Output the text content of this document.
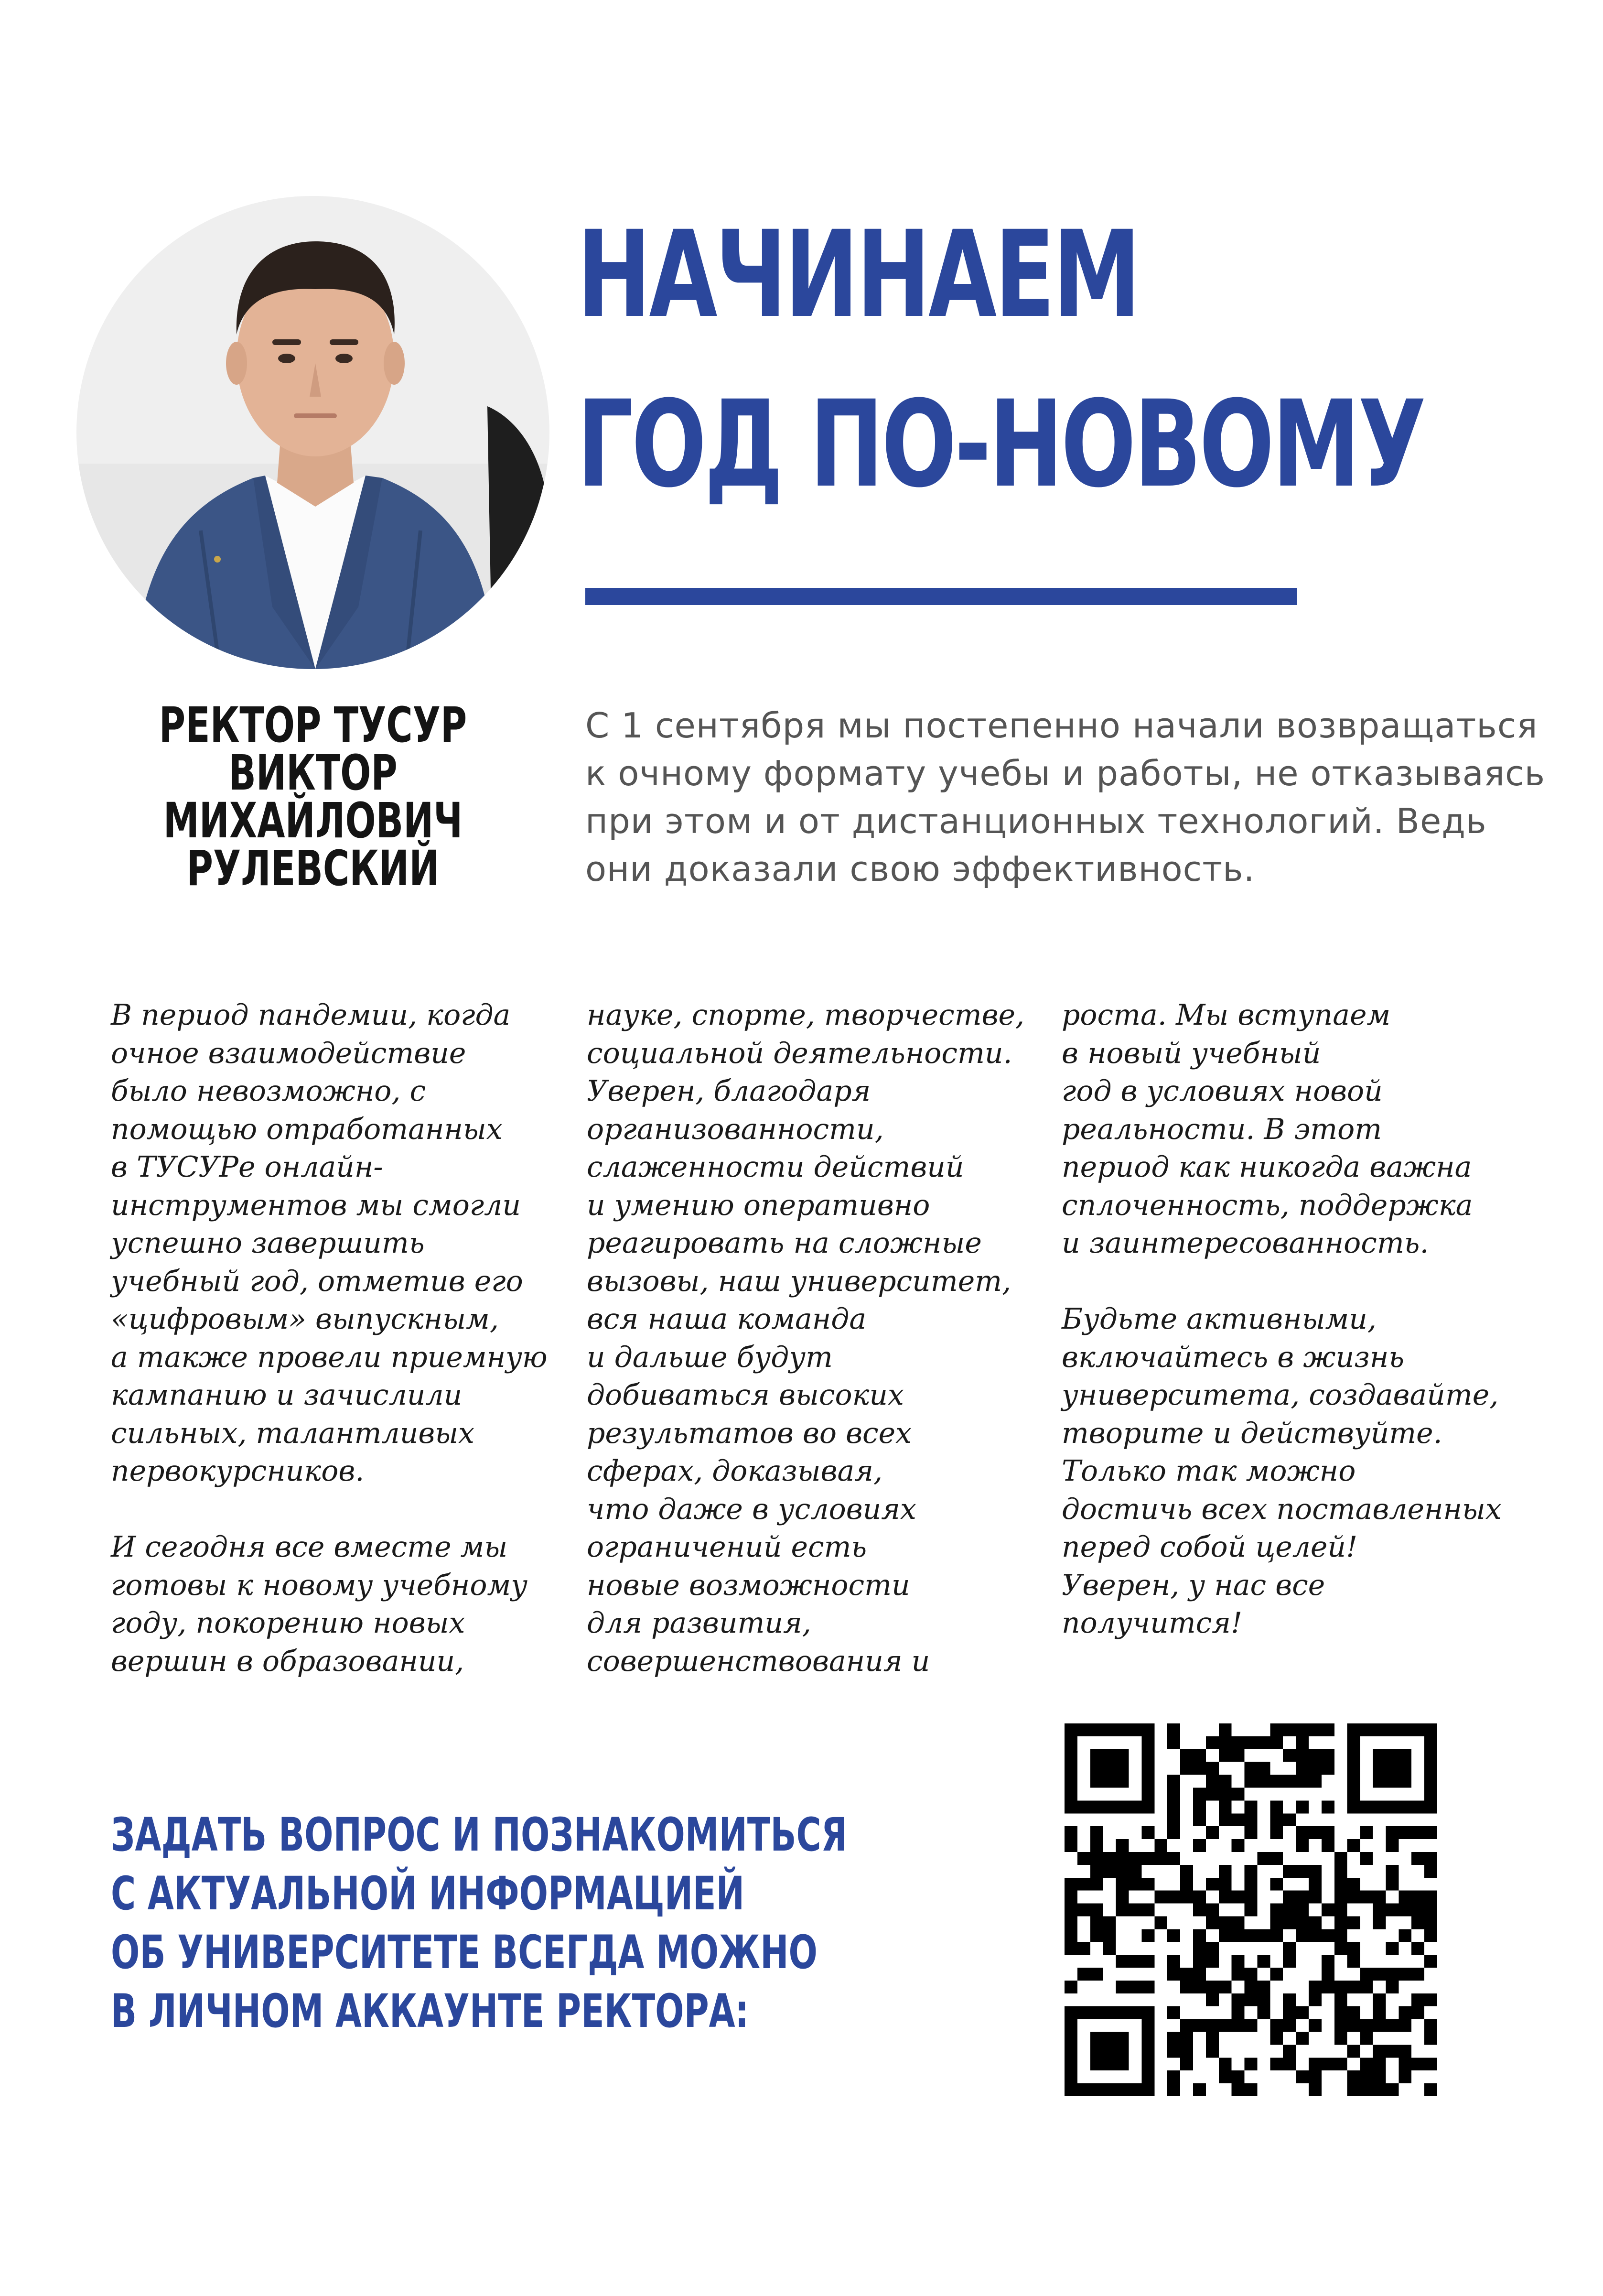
НАЧИНАЕМ
ГОД ПО-НОВОМУ
РЕКТОР ТУСУР
ВИКТОР МИХАЙЛОВИЧ
РУЛЕВСКИЙ
С 1 сентября мы постепенно начали возвращаться
к очному формату учебы и работы, не отказываясь
при этом и от дистанционных технологий. Ведь
они доказали свою эффективность.
В период пандемии, когда
очное взаимодействие
было невозможно, с
помощью отработанных
в ТУСУРе онлайн-
инструментов мы смогли
успешно завершить
учебный год, отметив его
«цифровым» выпускным,
а также провели приемную
кампанию и зачислили
сильных, талантливых
первокурсников.
И сегодня все вместе мы
готовы к новому учебному
году, покорению новых
вершин в образовании,
науке, спорте, творчестве,
социальной деятельности.
Уверен, благодаря
организованности,
слаженности действий
и умению оперативно
реагировать на сложные
вызовы, наш университет,
вся наша команда
и дальше будут
добиваться высоких
результатов во всех
сферах, доказывая,
что даже в условиях
ограничений есть
новые возможности
для развития,
совершенствования и
роста. Мы вступаем
в новый учебный
год в условиях новой
реальности. В этот
период как никогда важна
сплоченность, поддержка
и заинтересованность.
Будьте активными,
включайтесь в жизнь
университета, создавайте,
творите и действуйте.
Только так можно
достичь всех поставленных
перед собой целей!
Уверен, у нас все
получится!
ЗАДАТЬ ВОПРОС И ПОЗНАКОМИТЬСЯ
С АКТУАЛЬНОЙ ИНФОРМАЦИЕЙ
ОБ УНИВЕРСИТЕТЕ ВСЕГДА МОЖНО
В ЛИЧНОМ АККАУНТЕ РЕКТОРА:
